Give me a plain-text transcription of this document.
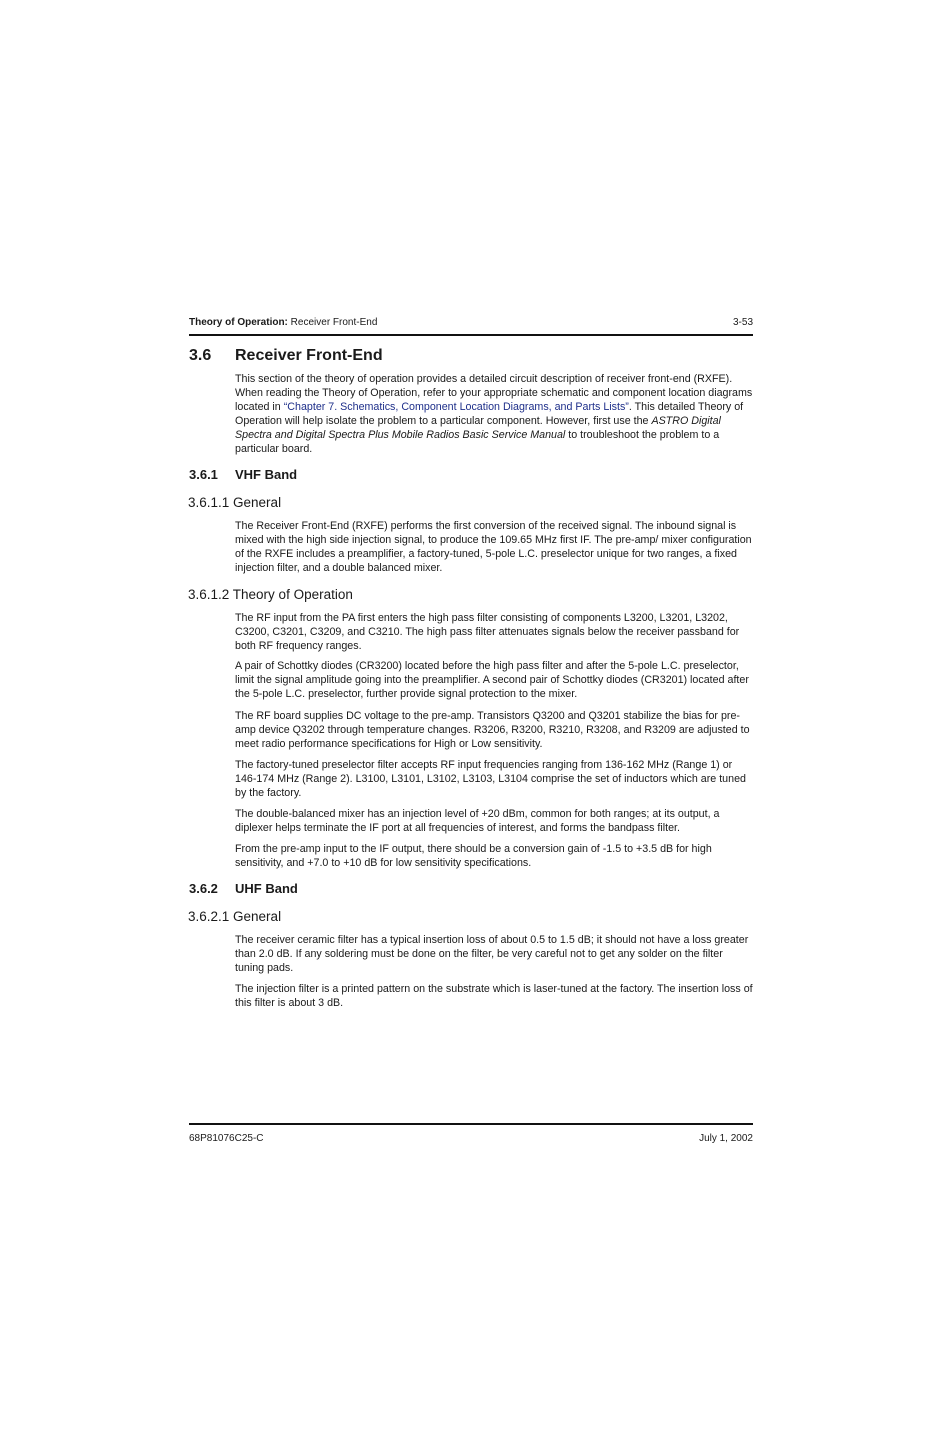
Theory of Operation: Receiver Front-End	3-53
3.6 Receiver Front-End

This section of the theory of operation provides a detailed circuit description of receiver front-end (RXFE). When reading the Theory of Operation, refer to your appropriate schematic and component location diagrams located in “Chapter 7. Schematics, Component Location Diagrams, and Parts Lists”. This detailed Theory of Operation will help isolate the problem to a particular component. However, first use the ASTRO Digital Spectra and Digital Spectra Plus Mobile Radios Basic Service Manual to troubleshoot the problem to a particular board.

3.6.1 VHF Band
3.6.1.1 General

The Receiver Front-End (RXFE) performs the first conversion of the received signal. The inbound signal is mixed with the high side injection signal, to produce the 109.65 MHz first IF. The pre-amp/ mixer configuration of the RXFE includes a preamplifier, a factory-tuned, 5-pole L.C. preselector unique for two ranges, a fixed injection filter, and a double balanced mixer.

3.6.1.2 Theory of Operation

The RF input from the PA first enters the high pass filter consisting of components L3200, L3201, L3202, C3200, C3201, C3209, and C3210. The high pass filter attenuates signals below the receiver passband for both RF frequency ranges.

A pair of Schottky diodes (CR3200) located before the high pass filter and after the 5-pole L.C. preselector, limit the signal amplitude going into the preamplifier. A second pair of Schottky diodes (CR3201) located after the 5-pole L.C. preselector, further provide signal protection to the mixer.

The RF board supplies DC voltage to the pre-amp. Transistors Q3200 and Q3201 stabilize the bias for pre-amp device Q3202 through temperature changes. R3206, R3200, R3210, R3208, and R3209 are adjusted to meet radio performance specifications for High or Low sensitivity.

The factory-tuned preselector filter accepts RF input frequencies ranging from 136-162 MHz (Range 1) or 146-174 MHz (Range 2). L3100, L3101, L3102, L3103, L3104 comprise the set of inductors which are tuned by the factory.

The double-balanced mixer has an injection level of +20 dBm, common for both ranges; at its output, a diplexer helps terminate the IF port at all frequencies of interest, and forms the bandpass filter.

From the pre-amp input to the IF output, there should be a conversion gain of -1.5 to +3.5 dB for high sensitivity, and +7.0 to +10 dB for low sensitivity specifications.

3.6.2 UHF Band
3.6.2.1 General

The receiver ceramic filter has a typical insertion loss of about 0.5 to 1.5 dB; it should not have a loss greater than 2.0 dB. If any soldering must be done on the filter, be very careful not to get any solder on the filter tuning pads.

The injection filter is a printed pattern on the substrate which is laser-tuned at the factory. The insertion loss of this filter is about 3 dB.

68P81076C25-C	July 1, 2002
